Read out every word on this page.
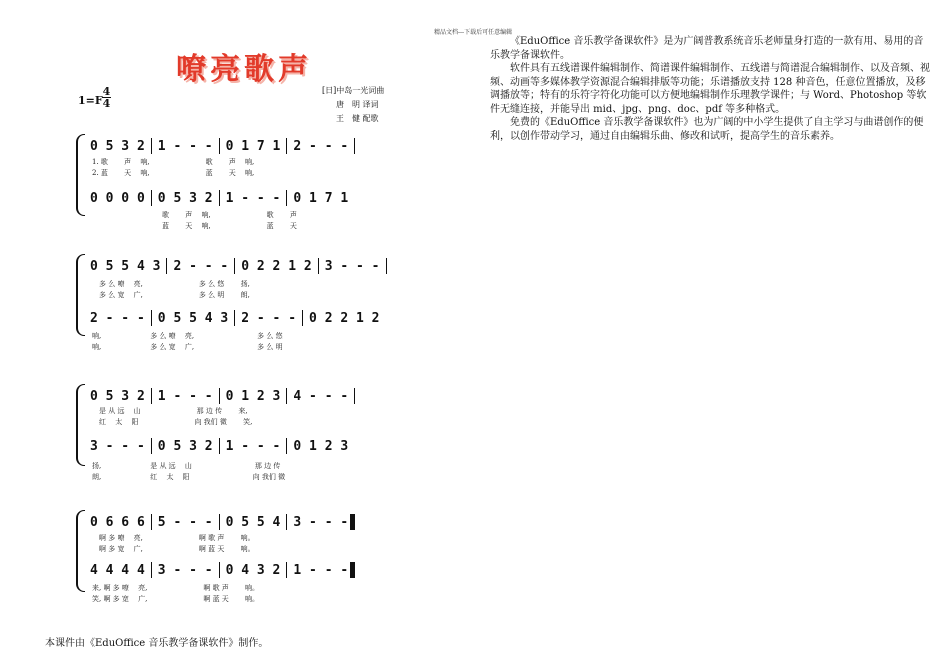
精品文档---下载后可任意编辑
嘹亮歌声
1=F
4
4
[日]中岛一光词曲
唐　明 译词
王　健 配歌
0 5 3 2 1 - - - 0 1 7 1 2 - - -
1. 歌　　 声　 响,　　　　　　　　歌　　 声　 响,
2. 蓝　　 天　 响,　　　　　　　　蓝　　 天　 响,
0 0 0 0 0 5 3 2 1 - - - 0 1 7 1
　　　　　　　　　　歌　　 声　 响,　　　　　　　　歌　　 声
　　　　　　　　　　蓝　　 天　 响,　　　　　　　　蓝　　 天
0 5 5 4 3 2 - - - 0 2 2 1 2 3 - - -
　多 么 嘹　 亮,　　　　　　　　多 么 悠　　 扬,
　多 么 宽　 广,　　　　　　　　多 么 明　　 朗,
2 - - - 0 5 5 4 3 2 - - - 0 2 2 1 2
响,　　　　　　　多 么 嘹　 亮,　　　　　　　　　多 么 悠
响,　　　　　　　多 么 宽　 广,　　　　　　　　　多 么 明
0 5 3 2 1 - - - 0 1 2 3 4 - - -
　是 从 远　 山　　　　　　　　那 边 传　　 来,
　红　 太　 阳　　　　　　　　向 我们 微　　 笑,
3 - - - 0 5 3 2 1 - - - 0 1 2 3
扬,　　　　　　　是 从 远　 山　　　　　　　　　那 边 传
朗,　　　　　　　红　 太　 阳　　　　　　　　　向 我们 微
0 6 6 6 5 - - - 0 5 5 4 3 - - -
　啊 多 嘹　 亮,　　　　　　　　啊 歌 声　　 响。
　啊 多 宽　 广,　　　　　　　　啊 蓝 天　　 响。
4 4 4 4 3 - - - 0 4 3 2 1 - - -
来, 啊 多 嘹　 亮,　　　　　　　　啊 歌 声　　 响。
笑, 啊 多 宽　 广,　　　　　　　　啊 蓝 天　　 响。

《EduOffice 音乐教学备课软件》是为广阔普教系统音乐老师量身打造的一款有用、易用的音乐教学备课软件。

软件具有五线谱课件编辑制作、简谱课件编辑制作、五线谱与简谱混合编辑制作、以及音频、视频、动画等多媒体教学资源混合编辑排版等功能；乐谱播放支持 128 种音色，任意位置播放，及移调播放等；特有的乐符字符化功能可以方便地编辑制作乐理教学课件；与 Word、Photoshop 等软件无缝连接，并能导出 mid、jpg、png、doc、pdf 等多种格式。

免费的《EduOffice 音乐教学备课软件》也为广阔的中小学生提供了自主学习与曲谱创作的便利，以创作带动学习，通过自由编辑乐曲、修改和试听，提高学生的音乐素养。

本课件由《EduOffice 音乐教学备课软件》制作。
